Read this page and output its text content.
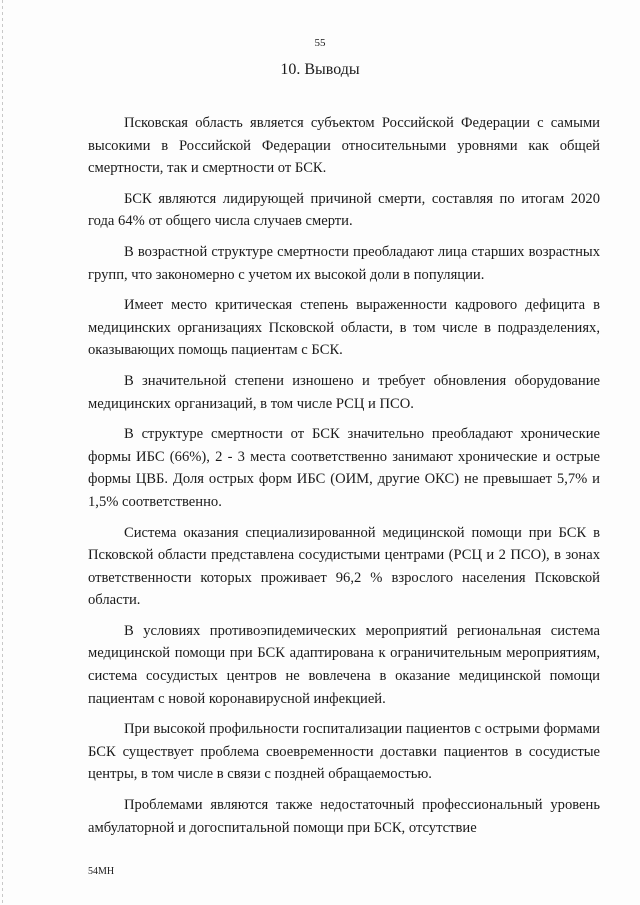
55
10. Выводы

Псковская область является субъектом Российской Федерации с самыми высокими в Российской Федерации относительными уровнями как общей смертности, так и смертности от БСК.

БСК являются лидирующей причиной смерти, составляя по итогам 2020 года 64% от общего числа случаев смерти.

В возрастной структуре смертности преобладают лица старших возрастных групп, что закономерно с учетом их высокой доли в популяции.

Имеет место критическая степень выраженности кадрового дефицита в медицинских организациях Псковской области, в том числе в подразделениях, оказывающих помощь пациентам с БСК.

В значительной степени изношено и требует обновления оборудование медицинских организаций, в том числе РСЦ и ПСО.

В структуре смертности от БСК значительно преобладают хронические формы ИБС (66%), 2 - 3 места соответственно занимают хронические и острые формы ЦВБ. Доля острых форм ИБС (ОИМ, другие ОКС) не превышает 5,7% и 1,5% соответственно.

Система оказания специализированной медицинской помощи при БСК в Псковской области представлена сосудистыми центрами (РСЦ и 2 ПСО), в зонах ответственности которых проживает 96,2 % взрослого населения Псковской области.

В условиях противоэпидемических мероприятий региональная система медицинской помощи при БСК адаптирована к ограничительным мероприятиям, система сосудистых центров не вовлечена в оказание медицинской помощи пациентам с новой коронавирусной инфекцией.

При высокой профильности госпитализации пациентов с острыми формами БСК существует проблема своевременности доставки пациентов в сосудистые центры, в том числе в связи с поздней обращаемостью.

Проблемами являются также недостаточный профессиональный уровень амбулаторной и догоспитальной помощи при БСК, отсутствие

54МН
